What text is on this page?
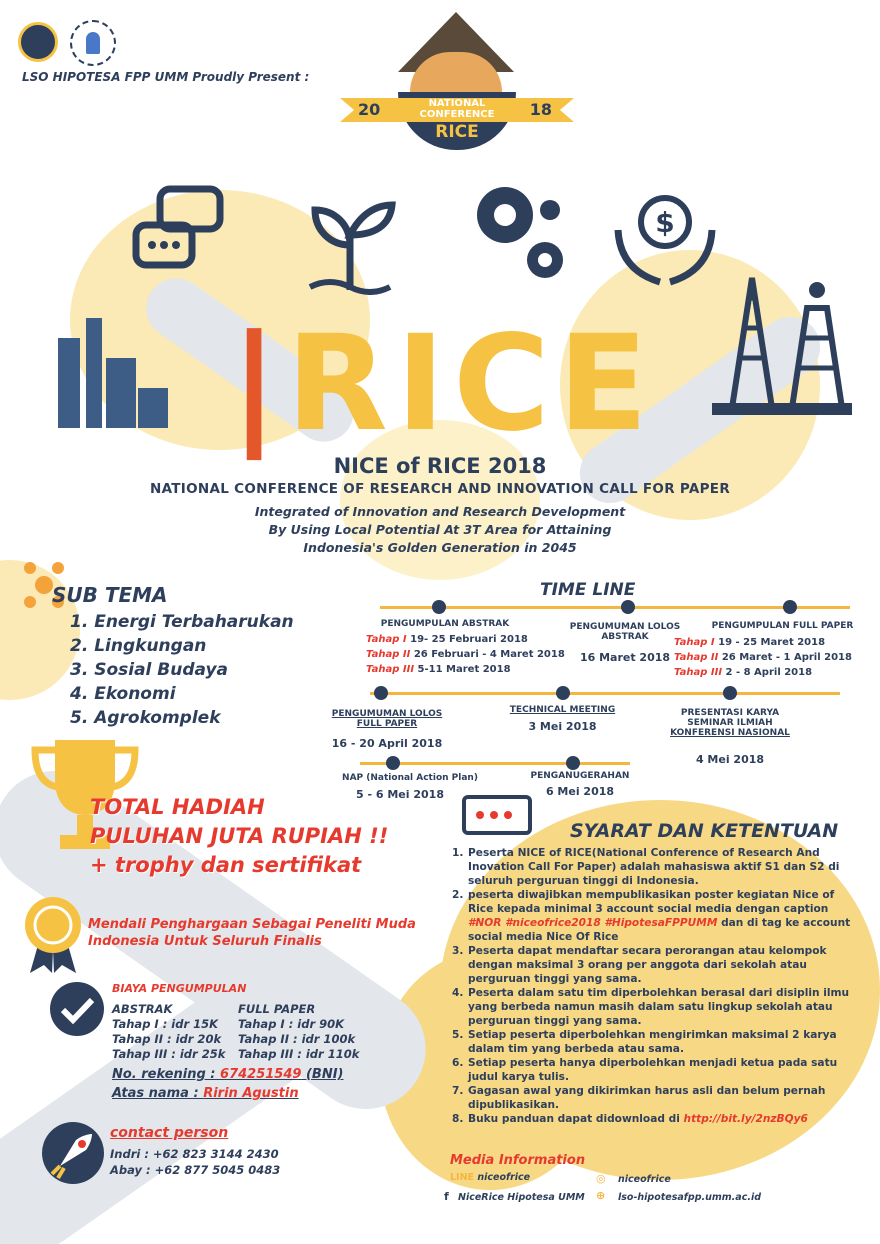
LSO HIPOTESA FPP UMM Proudly Present :
20	18
NATIONAL
CONFERENCE
RICE
$
|RICE
NICE of RICE 2018
NATIONAL CONFERENCE OF RESEARCH AND INNOVATION CALL FOR PAPER
Integrated of Innovation and Research Development
By Using Local Potential At 3T Area for Attaining
Indonesia's Golden Generation in 2045
SUB TEMA
1. Energi Terbaharukan
2. Lingkungan
3. Sosial Budaya
4. Ekonomi
5. Agrokomplek
TIME LINE
PENGUMPULAN ABSTRAK
Tahap I 19- 25 Februari 2018
Tahap II 26 Februari - 4 Maret 2018
Tahap III 5-11 Maret 2018
PENGUMUMAN LOLOS
ABSTRAK
16 Maret 2018
PENGUMPULAN FULL PAPER
Tahap I 19 - 25 Maret 2018
Tahap II 26 Maret - 1 April 2018
Tahap III 2 - 8 April 2018
PENGUMUMAN LOLOS
FULL PAPER
16 - 20 April 2018
TECHNICAL MEETING
3 Mei 2018
PRESENTASI KARYA
SEMINAR ILMIAH
KONFERENSI NASIONAL
4 Mei 2018
NAP (National Action Plan)
5 - 6 Mei 2018
PENGANUGERAHAN
6 Mei 2018
TOTAL HADIAH
PULUHAN JUTA RUPIAH !!
+ trophy dan sertifikat
Mendali Penghargaan Sebagai Peneliti Muda
Indonesia Untuk Seluruh Finalis
BIAYA PENGUMPULAN
ABSTRAK
Tahap I : idr 15K
Tahap II : idr 20k
Tahap III : idr 25k
FULL PAPER
Tahap I : idr 90K
Tahap II : idr 100k
Tahap III : idr 110k
No. rekening : 674251549 (BNI)
Atas nama : Ririn Agustin
contact person
Indri : +62 823 3144 2430
Abay : +62 877 5045 0483
SYARAT DAN KETENTUAN
1. Peserta NICE of RICE(National Conference of Research And Inovation Call For Paper) adalah mahasiswa aktif S1 dan S2 di seluruh perguruan tinggi di Indonesia.
2. peserta diwajibkan mempublikasikan poster kegiatan Nice of Rice kepada minimal 3 account social media dengan caption #NOR #niceofrice2018 #HipotesaFPPUMM dan di tag ke account social media Nice Of Rice
3. Peserta dapat mendaftar secara perorangan atau kelompok dengan maksimal 3 orang per anggota dari sekolah atau perguruan tinggi yang sama.
4. Peserta dalam satu tim diperbolehkan berasal dari disiplin ilmu yang berbeda namun masih dalam satu lingkup sekolah atau perguruan tinggi yang sama.
5. Setiap peserta diperbolehkan mengirimkan maksimal 2 karya dalam tim yang berbeda atau sama.
6. Setiap peserta hanya diperbolehkan menjadi ketua pada satu judul karya tulis.
7. Gagasan awal yang dikirimkan harus asli dan belum pernah dipublikasikan.
8. Buku panduan dapat didownload di http://bit.ly/2nzBQy6
Media Information
LINE niceofrice	◎ niceofrice
f NiceRice Hipotesa UMM ⊕ lso-hipotesafpp.umm.ac.id
